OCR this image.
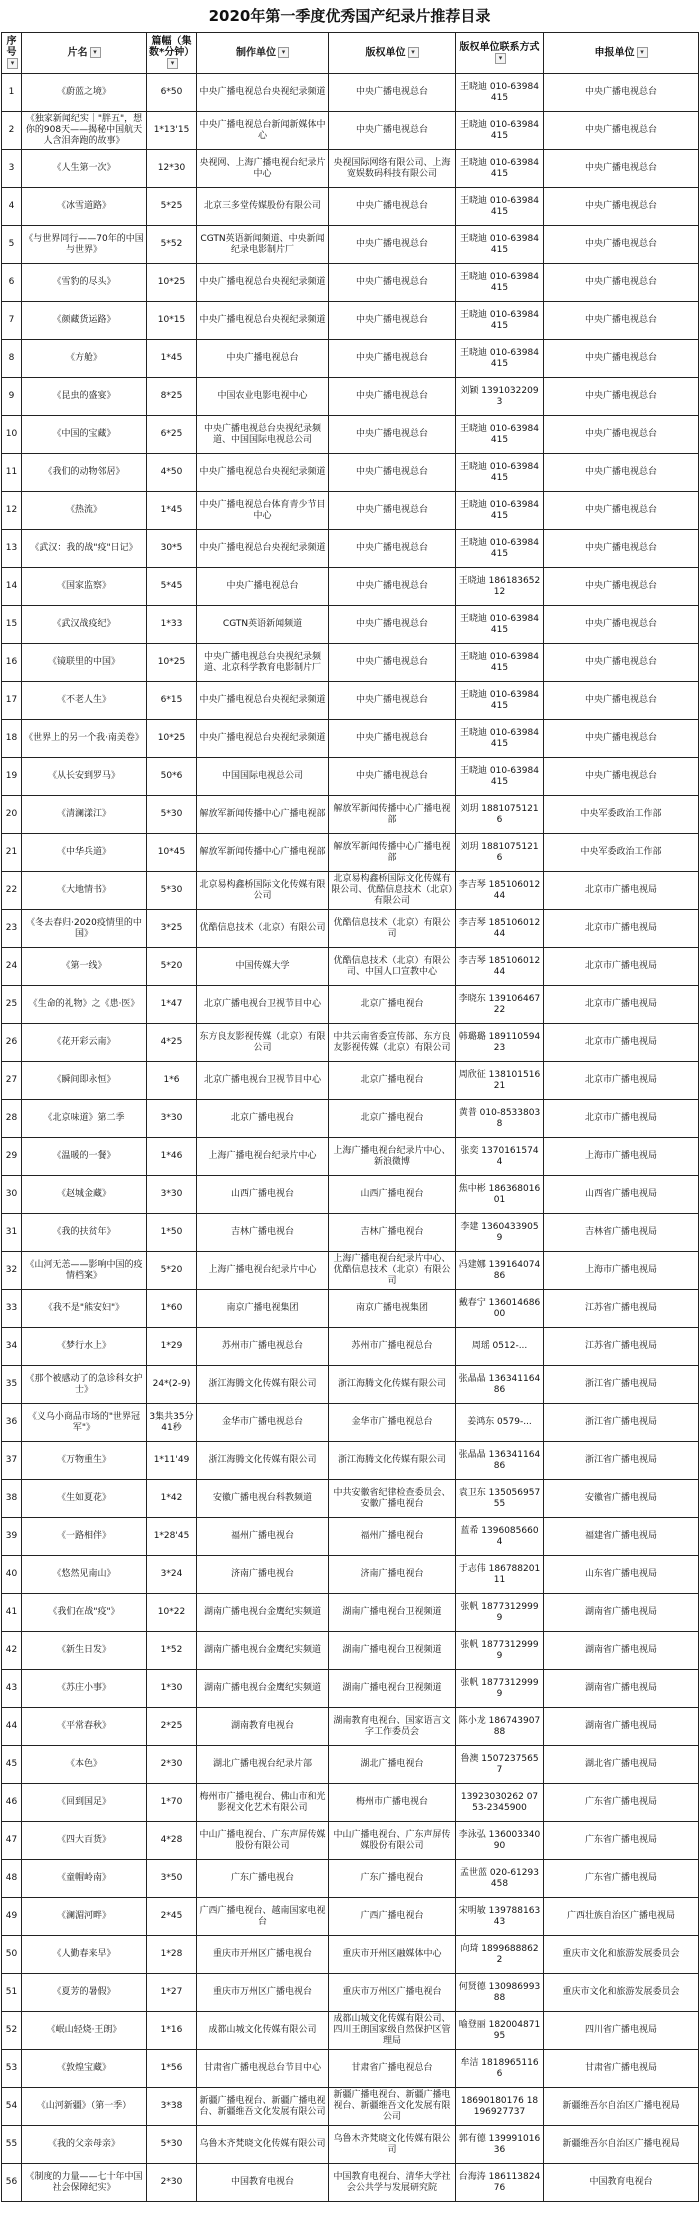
2020年第一季度优秀国产纪录片推荐目录
序号▾	片名 ▾	篇幅（集数*分钟）▾	制作单位 ▾	版权单位 ▾	版权单位联系方式▾	申报单位 ▾
1	《蔚蓝之境》	6*50	中央广播电视总台央视纪录频道	中央广播电视总台	王晓迪 010-63984415	中央广播电视总台
2	《独家新闻纪实｜"胖五"，想你的908天——揭秘中国航天人含泪奔跑的故事》	1*13'15	中央广播电视总台新闻新媒体中心	中央广播电视总台	王晓迪 010-63984415	中央广播电视总台
3	《人生第一次》	12*30	央视网、上海广播电视台纪录片中心	央视国际网络有限公司、上海宽娱数码科技有限公司	王晓迪 010-63984415	中央广播电视总台
4	《冰雪道路》	5*25	北京三多堂传媒股份有限公司	中央广播电视总台	王晓迪 010-63984415	中央广播电视总台
5	《与世界同行——70年的中国与世界》	5*52	CGTN英语新闻频道、中央新闻纪录电影制片厂	中央广播电视总台	王晓迪 010-63984415	中央广播电视总台
6	《雪豹的尽头》	10*25	中央广播电视总台央视纪录频道	中央广播电视总台	王晓迪 010-63984415	中央广播电视总台
7	《颜藏货运路》	10*15	中央广播电视总台央视纪录频道	中央广播电视总台	王晓迪 010-63984415	中央广播电视总台
8	《方舱》	1*45	中央广播电视总台	中央广播电视总台	王晓迪 010-63984415	中央广播电视总台
9	《昆虫的盛宴》	8*25	中国农业电影电视中心	中央广播电视总台	刘颖 13910322093	中央广播电视总台
10	《中国的宝藏》	6*25	中央广播电视总台央视纪录频道、中国国际电视总公司	中央广播电视总台	王晓迪 010-63984415	中央广播电视总台
11	《我们的动物邻居》	4*50	中央广播电视总台央视纪录频道	中央广播电视总台	王晓迪 010-63984415	中央广播电视总台
12	《热流》	1*45	中央广播电视总台体育青少节目中心	中央广播电视总台	王晓迪 010-63984415	中央广播电视总台
13	《武汉：我的战"疫"日记》	30*5	中央广播电视总台央视纪录频道	中央广播电视总台	王晓迪 010-63984415	中央广播电视总台
14	《国家监察》	5*45	中央广播电视总台	中央广播电视总台	王晓迪 18618365212	中央广播电视总台
15	《武汉战疫纪》	1*33	CGTN英语新闻频道	中央广播电视总台	王晓迪 010-63984415	中央广播电视总台
16	《镜联里的中国》	10*25	中央广播电视总台央视纪录频道、北京科学教育电影制片厂	中央广播电视总台	王晓迪 010-63984415	中央广播电视总台
17	《不老人生》	6*15	中央广播电视总台央视纪录频道	中央广播电视总台	王晓迪 010-63984415	中央广播电视总台
18	《世界上的另一个我·南美卷》	10*25	中央广播电视总台央视纪录频道	中央广播电视总台	王晓迪 010-63984415	中央广播电视总台
19	《从长安到罗马》	50*6	中国国际电视总公司	中央广播电视总台	王晓迪 010-63984415	中央广播电视总台
20	《清澜漾江》	5*30	解放军新闻传播中心广播电视部	解放军新闻传播中心广播电视部	刘玥 18810751216	中央军委政治工作部
21	《中华兵道》	10*45	解放军新闻传播中心广播电视部	解放军新闻传播中心广播电视部	刘玥 18810751216	中央军委政治工作部
22	《大地情书》	5*30	北京易构鑫桥国际文化传媒有限公司	北京易构鑫桥国际文化传媒有限公司、优酷信息技术（北京）有限公司	李吉琴 18510601244	北京市广播电视局
23	《冬去春归·2020疫情里的中国》	3*25	优酷信息技术（北京）有限公司	优酷信息技术（北京）有限公司	李吉琴 18510601244	北京市广播电视局
24	《第一线》	5*20	中国传媒大学	优酷信息技术（北京）有限公司、中国人口宣教中心	李吉琴 18510601244	北京市广播电视局
25	《生命的礼物》之《患·医》	1*47	北京广播电视台卫视节目中心	北京广播电视台	李晓东 13910646722	北京市广播电视局
26	《花开彩云南》	4*25	东方良友影视传媒（北京）有限公司	中共云南省委宣传部、东方良友影视传媒（北京）有限公司	韩璐璐 18911059423	北京市广播电视局
27	《瞬间即永恒》	1*6	北京广播电视台卫视节目中心	北京广播电视台	周欣征 13810151621	北京市广播电视局
28	《北京味道》第二季	3*30	北京广播电视台	北京广播电视台	黄普 010-85338038	北京市广播电视局
29	《温暖的一餐》	1*46	上海广播电视台纪录片中心	上海广播电视台纪录片中心、新浪微博	张奕 13701615744	上海市广播电视局
30	《赵城金藏》	3*30	山西广播电视台	山西广播电视台	焦中彬 18636801601	山西省广播电视局
31	《我的扶贫年》	1*50	吉林广播电视台	吉林广播电视台	李建 13604339059	吉林省广播电视局
32	《山河无恙——影响中国的疫情档案》	5*20	上海广播电视台纪录片中心	上海广播电视台纪录片中心、优酷信息技术（北京）有限公司	冯建娜 13916407486	上海市广播电视局
33	《我不是"熊安妇"》	1*60	南京广播电视集团	南京广播电视集团	戴春宁 13601468600	江苏省广播电视局
34	《梦行水上》	1*29	苏州市广播电视总台	苏州市广播电视总台	周瑶 0512-...	江苏省广播电视局
35	《那个被感动了的急诊科女护士》	24*(2-9)	浙江海腾文化传媒有限公司	浙江海腾文化传媒有限公司	张晶晶 13634116486	浙江省广播电视局
36	《义乌小商品市场的"世界冠军"》	3集共35分41秒	金华市广播电视总台	金华市广播电视总台	姜鸿东 0579-...	浙江省广播电视局
37	《万物重生》	1*11'49	浙江海腾文化传媒有限公司	浙江海腾文化传媒有限公司	张晶晶 13634116486	浙江省广播电视局
38	《生如夏花》	1*42	安徽广播电视台科教频道	中共安徽省纪律检查委员会、安徽广播电视台	袁卫东 13505695755	安徽省广播电视局
39	《一路相伴》	1*28'45	福州广播电视台	福州广播电视台	蓝希 13960856604	福建省广播电视局
40	《悠然见南山》	3*24	济南广播电视台	济南广播电视台	于志伟 18678820111	山东省广播电视局
41	《我们在战"疫"》	10*22	湖南广播电视台金鹰纪实频道	湖南广播电视台卫视频道	张帆 18773129999	湖南省广播电视局
42	《新生日发》	1*52	湖南广播电视台金鹰纪实频道	湖南广播电视台卫视频道	张帆 18773129999	湖南省广播电视局
43	《苏庄小事》	1*30	湖南广播电视台金鹰纪实频道	湖南广播电视台卫视频道	张帆 18773129999	湖南省广播电视局
44	《平常春秋》	2*25	湖南教育电视台	湖南教育电视台、国家语言文字工作委员会	陈小龙 18674390788	湖南省广播电视局
45	《本色》	2*30	湖北广播电视台纪录片部	湖北广播电视台	鲁澳 15072375657	湖北省广播电视局
46	《回到国足》	1*70	梅州市广播电视台、佛山市和光影视文化艺术有限公司	梅州市广播电视台	13923030262 0753-2345900	广东省广播电视局
47	《四大百货》	4*28	中山广播电视台、广东声屏传媒股份有限公司	中山广播电视台、广东声屏传媒股份有限公司	李泳弘 13600334090	广东省广播电视局
48	《童帽岭南》	3*50	广东广播电视台	广东广播电视台	孟世蓝 020-61293458	广东省广播电视局
49	《澜湄河畔》	2*45	广西广播电视台、越南国家电视台	广西广播电视台	宋明敏 13978816343	广西壮族自治区广播电视局
50	《人勤春来早》	1*28	重庆市开州区广播电视台	重庆市开州区融媒体中心	向琦 18996888622	重庆市文化和旅游发展委员会
51	《夏芳的暑假》	1*27	重庆市万州区广播电视台	重庆市万州区广播电视台	何贤德 13098699388	重庆市文化和旅游发展委员会
52	《岷山轻烧·王朗》	1*16	成都山城文化传媒有限公司	成都山城文化传媒有限公司、四川王朗国家级自然保护区管理局	喻登丽 18200487195	四川省广播电视局
53	《敦煌宝藏》	1*56	甘肃省广播电视总台节目中心	甘肃省广播电视总台	牟洁 18189651166	甘肃省广播电视局
54	《山河新疆》（第一季）	3*38	新疆广播电视台、新疆广播电视台、新疆维吾文化发展有限公司	新疆广播电视台、新疆广播电视台、新疆维吾文化发展有限公司	18690180176 18196927737	新疆维吾尔自治区广播电视局
55	《我的父亲母亲》	5*30	乌鲁木齐梵晓文化传媒有限公司	乌鲁木齐梵晓文化传媒有限公司	郭有德 13999101636	新疆维吾尔自治区广播电视局
56	《制度的力量——七十年中国社会保障纪实》	2*30	中国教育电视台	中国教育电视台、清华大学社会公共学与发展研究院	台海涛 18611382476	中国教育电视台
